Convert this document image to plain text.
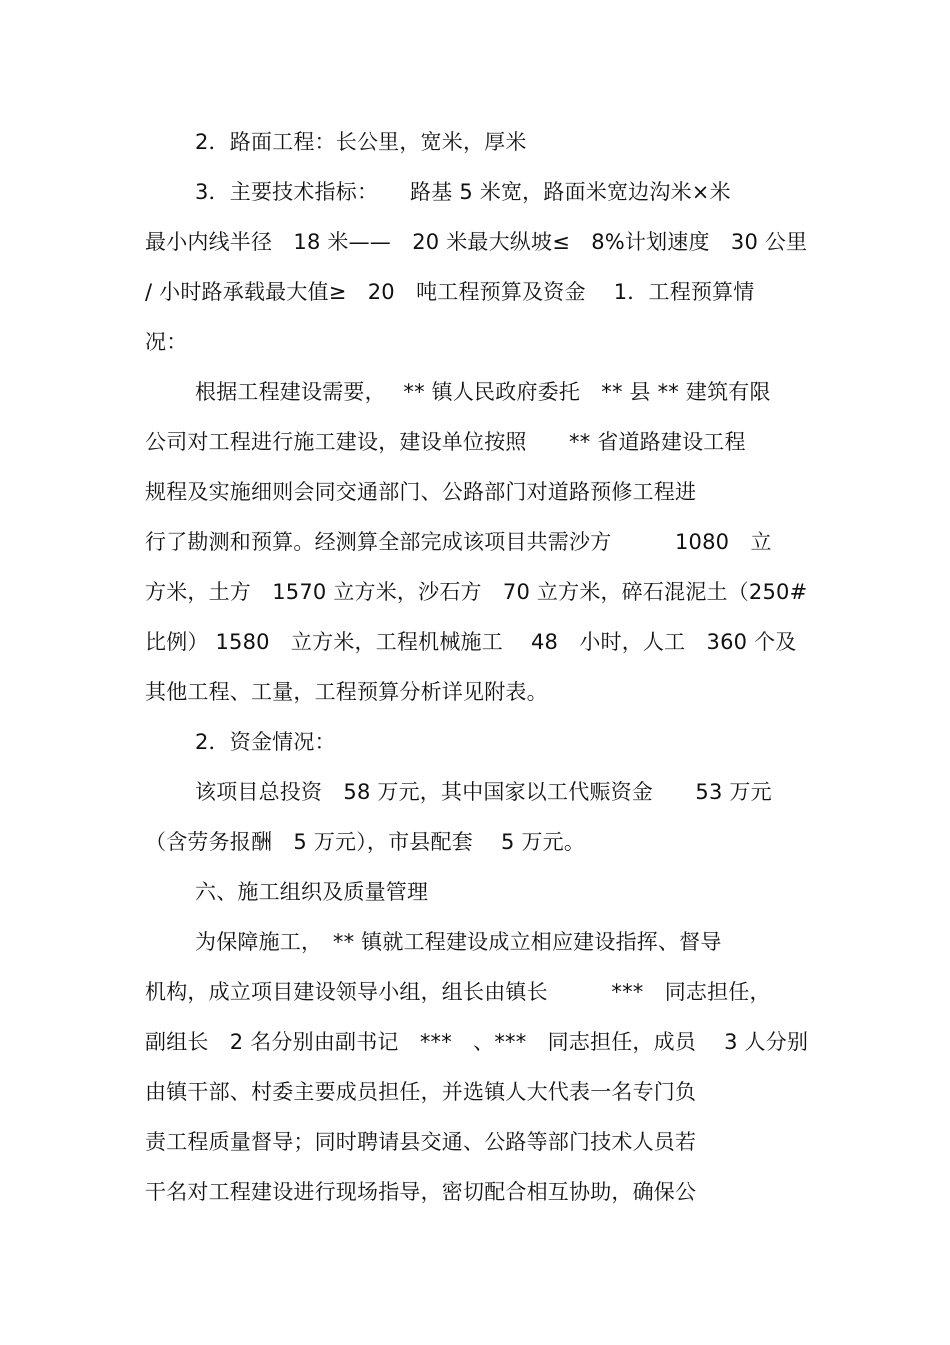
2．路面工程：长公里，宽米，厚米
3．主要技术指标：　　路基 5 米宽，路面米宽边沟米×米
最小内线半径　18 米——　20 米最大纵坡≤　8%计划速度　30 公里
/ 小时路承载最大值≥　20　吨工程预算及资金　 1．工程预算情
况：
根据工程建设需要，　 ** 镇人民政府委托　** 县 ** 建筑有限
公司对工程进行施工建设，建设单位按照　　** 省道路建设工程
规程及实施细则会同交通部门、公路部门对道路预修工程进
行了勘测和预算。经测算全部完成该项目共需沙方　　　1080　立
方米，土方　1570 立方米，沙石方　70 立方米，碎石混泥土（250#
比例） 1580　立方米，工程机械施工　 48　小时，人工　360 个及
其他工程、工量，工程预算分析详见附表。
2．资金情况：
该项目总投资　58 万元，其中国家以工代赈资金　　53 万元
（含劳务报酬　5 万元），市县配套　 5 万元。
六、施工组织及质量管理
为保障施工，　** 镇就工程建设成立相应建设指挥、督导
机构，成立项目建设领导小组，组长由镇长　　　***　同志担任，
副组长　2 名分别由副书记　***　、***　同志担任，成员　 3 人分别
由镇干部、村委主要成员担任，并选镇人大代表一名专门负
责工程质量督导；同时聘请县交通、公路等部门技术人员若
干名对工程建设进行现场指导，密切配合相互协助，确保公
